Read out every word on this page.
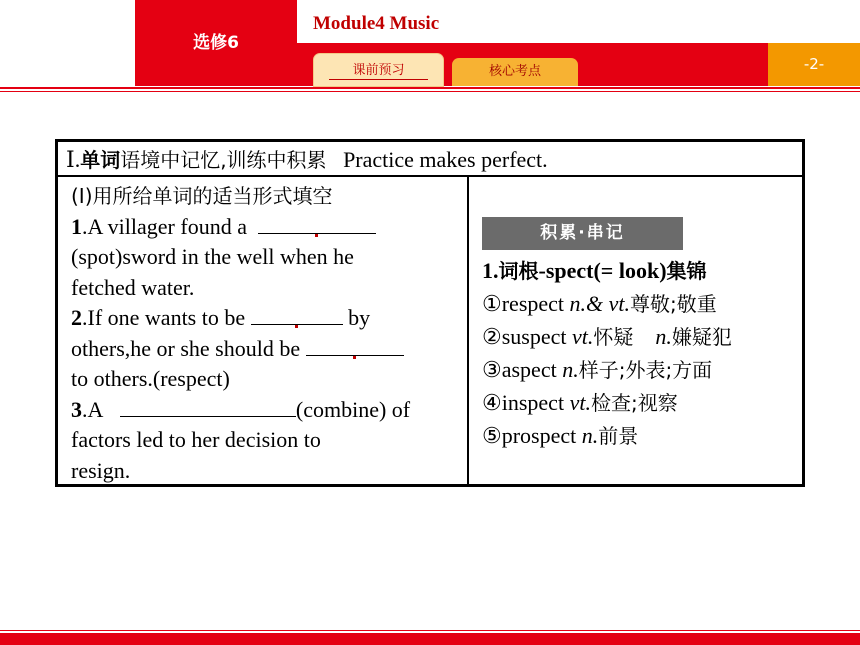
选修6
Module4 Music
课前预习	核心考点	-2-
Ⅰ.单词语境中记忆,训练中积累 Practice makes perfect.
(Ⅰ)用所给单词的适当形式填空
1.A villager found a
(spot)sword in the well when he
fetched water.
2.If one wants to be	by
others,he or she should be
to others.(respect)
3.A	(combine) of
factors led to her decision to
resign.
积累·串记
1.词根-spect(= look)集锦
①respect n.& vt.尊敬;敬重
②suspect vt.怀疑 n.嫌疑犯
③aspect n.样子;外表;方面
④inspect vt.检查;视察
⑤prospect n.前景
